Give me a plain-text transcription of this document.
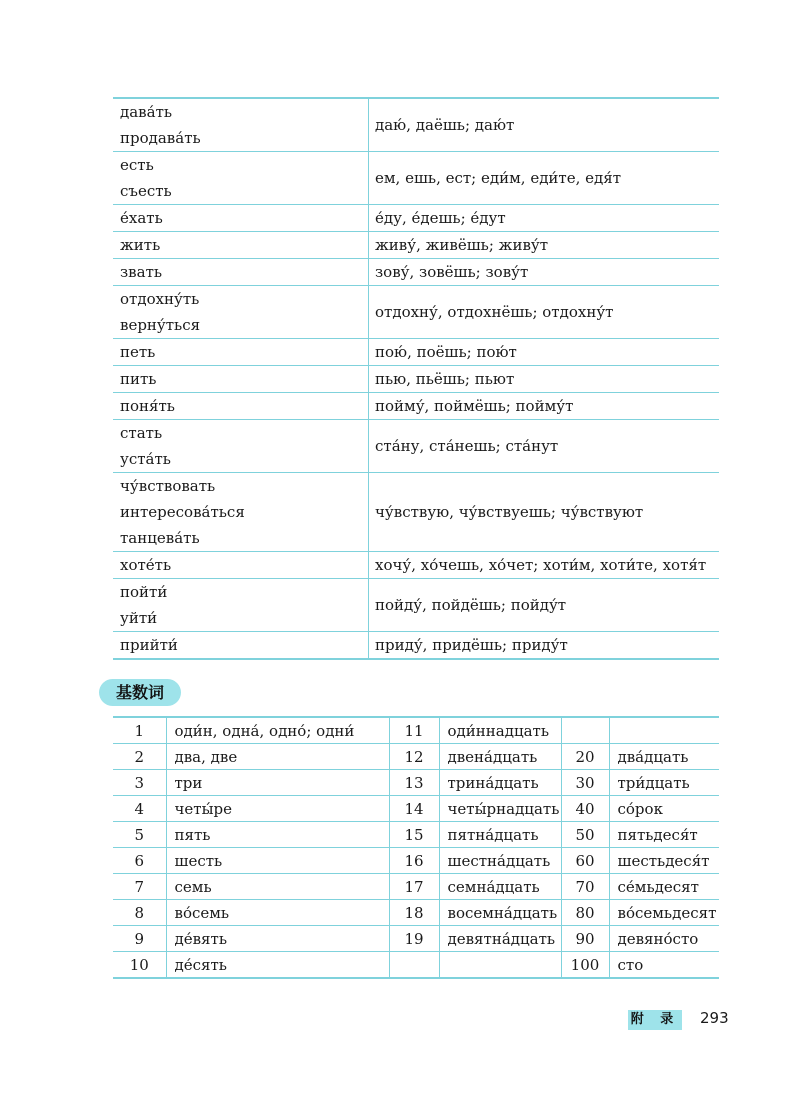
дава́ть
продава́ть	даю́, даёшь; даю́т

есть
съесть	ем, ешь, ест; еди́м, еди́те, едя́т

е́хать	е́ду, е́дешь; е́дут

жить	живу́, живёшь; живу́т

звать	зову́, зовёшь; зову́т

отдохну́ть
верну́ться	отдохну́, отдохнёшь; отдохну́т

петь	пою́, поёшь; пою́т

пить	пью, пьёшь; пьют

поня́ть	пойму́, поймёшь; пойму́т

стать
уста́ть	ста́ну, ста́нешь; ста́нут

чу́вствовать
интересова́ться
танцева́ть	чу́вствую, чу́вствуешь; чу́вствуют

хоте́ть	хочу́, хо́чешь, хо́чет; хоти́м, хоти́те, хотя́т

пойти́
уйти́	пойду́, пойдёшь; пойду́т

прийти́	приду́, придёшь; приду́т
基数词
1	оди́н, одна́, одно́; одни́	11	оди́ннадцать		
2	два, две	12	двена́дцать	20	два́дцать
3	три	13	трина́дцать	30	три́дцать
4	четы́ре	14	четы́рнадцать	40	со́рок
5	пять	15	пятна́дцать	50	пятьдеся́т
6	шесть	16	шестна́дцать	60	шестьдеся́т
7	семь	17	семна́дцать	70	се́мьдесят
8	во́семь	18	восемна́дцать	80	во́семьдесят
9	де́вять	19	девятна́дцать	90	девяно́сто
10	де́сять			100	сто
附 录 293
